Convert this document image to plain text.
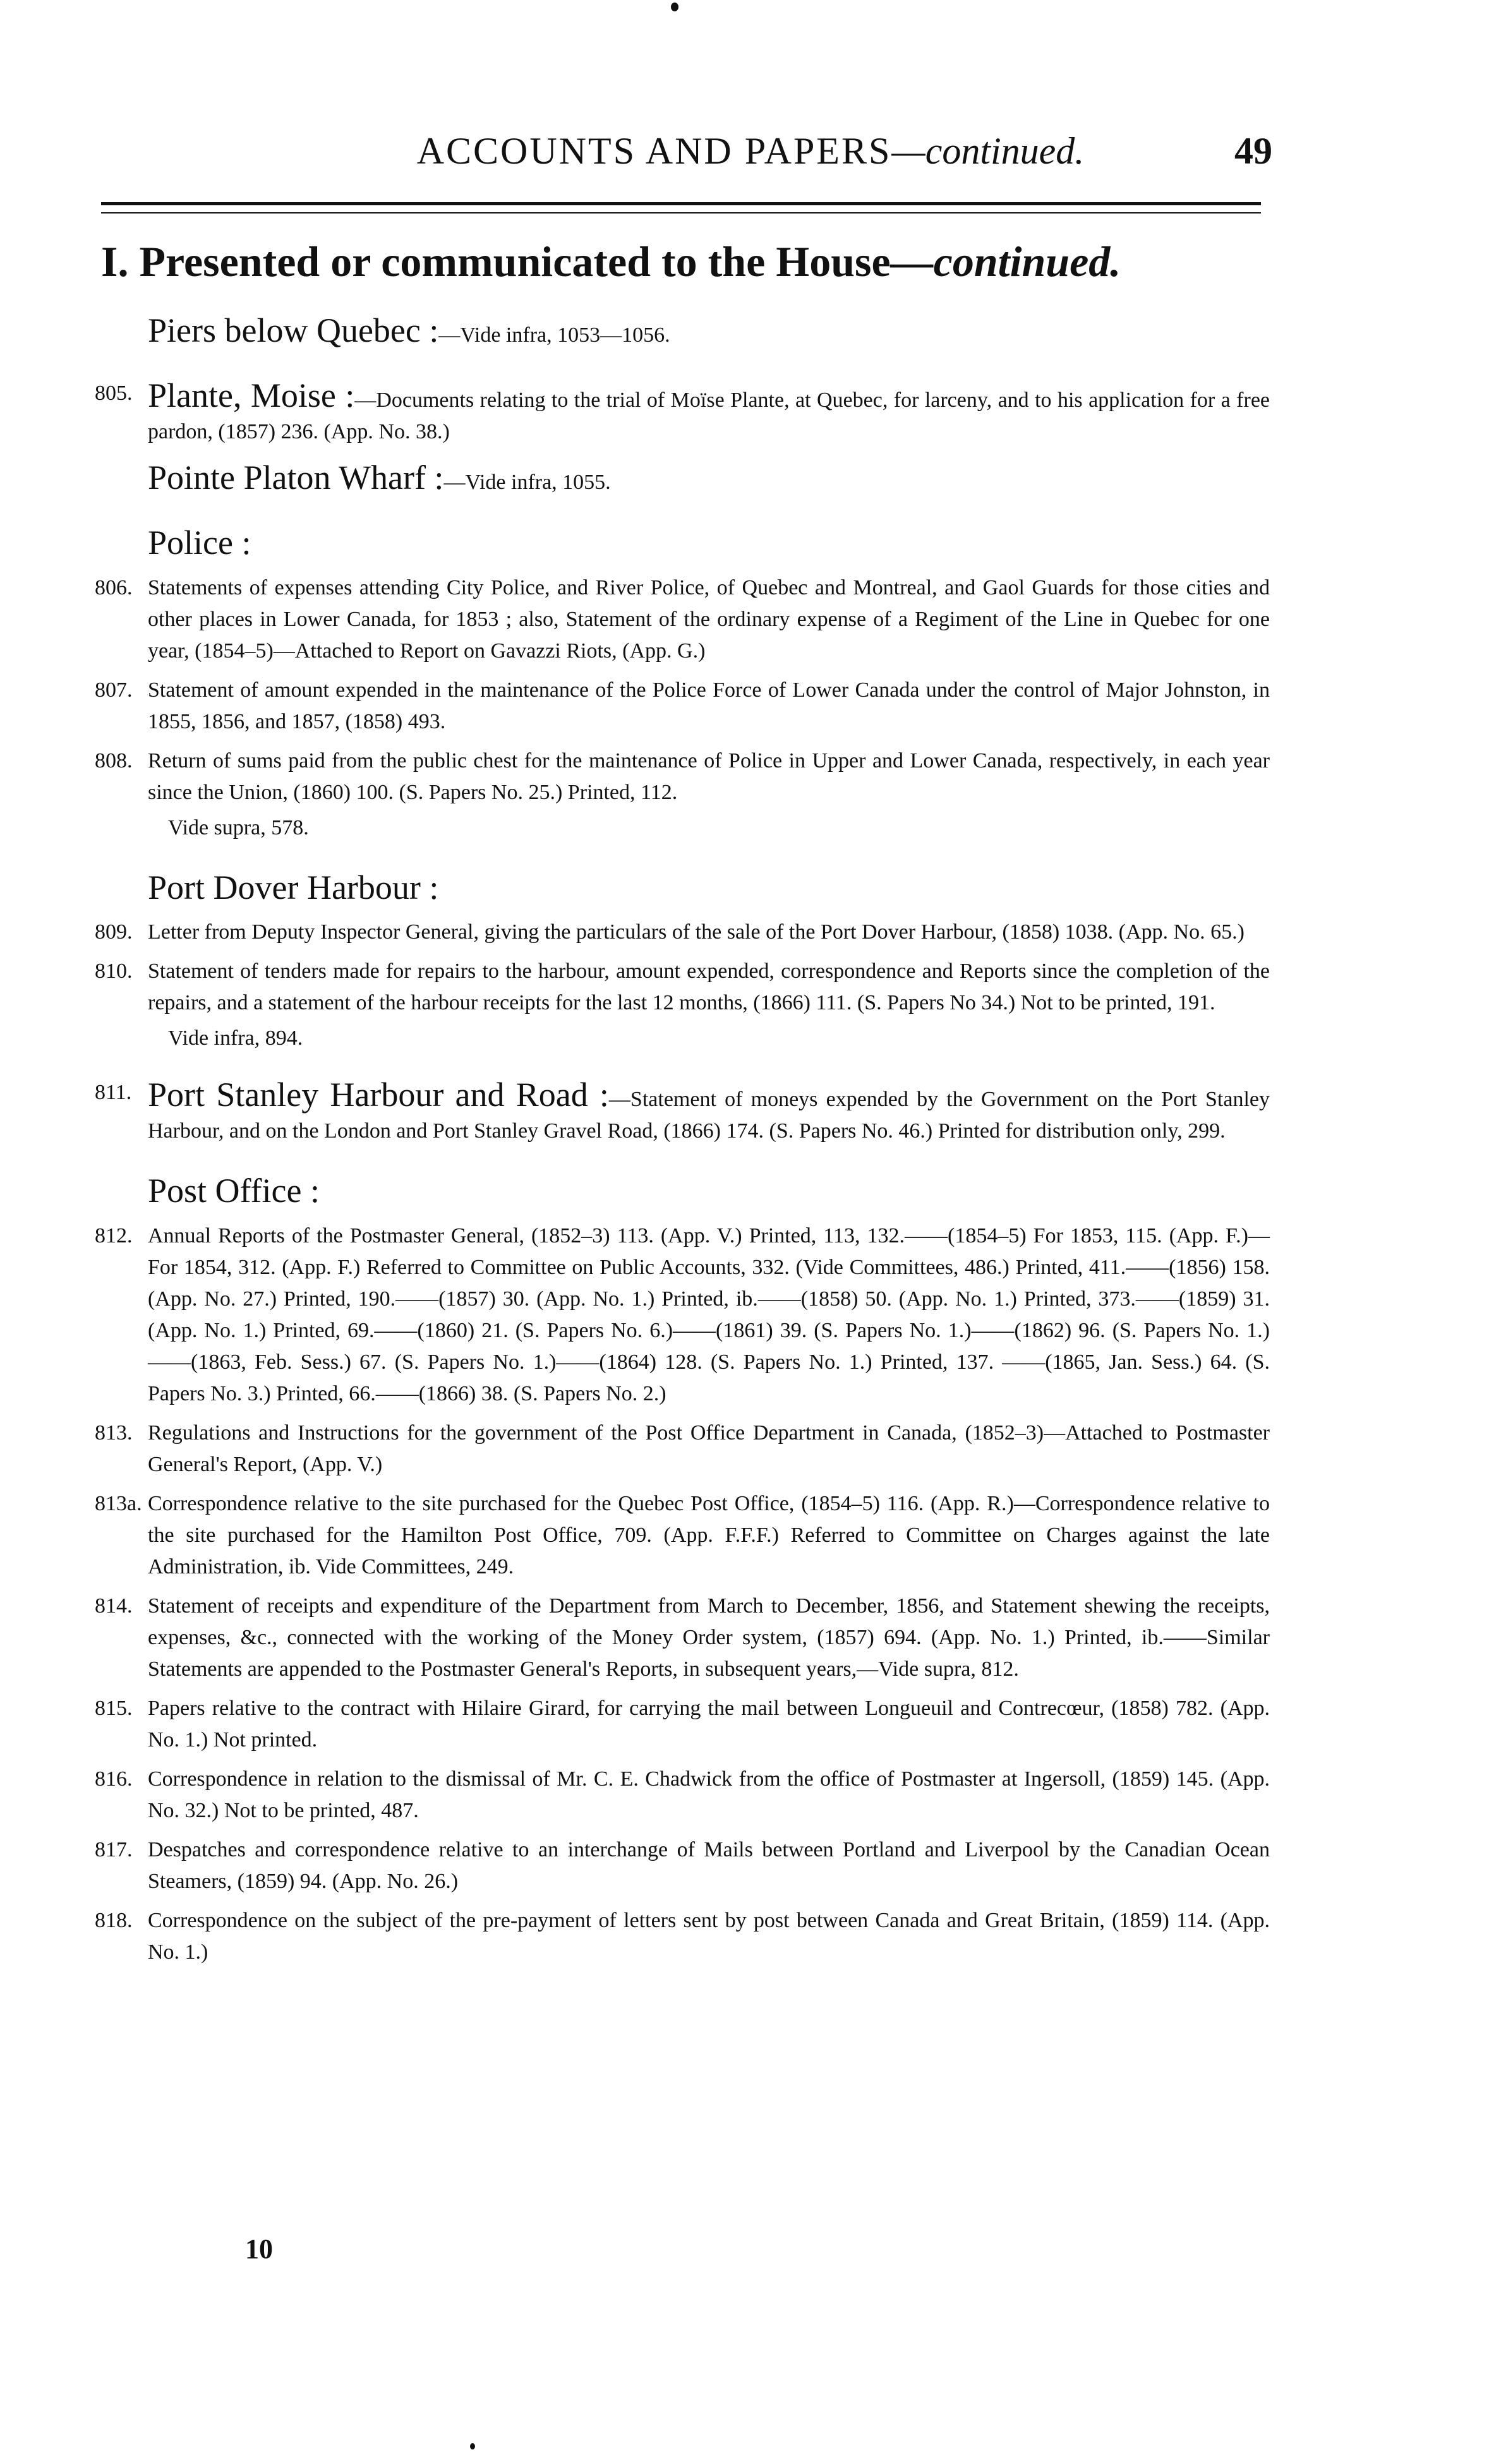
ACCOUNTS AND PAPERS—continued.	49
I. Presented or communicated to the House—continued.
Piers below Quebec :—Vide infra, 1053—1056.
805. Plante, Moise :—Documents relating to the trial of Moïse Plante, at Quebec, for larceny, and to his application for a free pardon, (1857) 236. (App. No. 38.)
Pointe Platon Wharf :—Vide infra, 1055.
Police :
806. Statements of expenses attending City Police, and River Police, of Quebec and Montreal, and Gaol Guards for those cities and other places in Lower Canada, for 1853 ; also, Statement of the ordinary expense of a Regiment of the Line in Quebec for one year, (1854–5)—Attached to Report on Gavazzi Riots, (App. G.)
807. Statement of amount expended in the maintenance of the Police Force of Lower Canada under the control of Major Johnston, in 1855, 1856, and 1857, (1858) 493.
808. Return of sums paid from the public chest for the maintenance of Police in Upper and Lower Canada, respectively, in each year since the Union, (1860) 100. (S. Papers No. 25.) Printed, 112.
Vide supra, 578.
Port Dover Harbour :
809. Letter from Deputy Inspector General, giving the particulars of the sale of the Port Dover Harbour, (1858) 1038. (App. No. 65.)
810. Statement of tenders made for repairs to the harbour, amount expended, correspondence and Reports since the completion of the repairs, and a statement of the harbour receipts for the last 12 months, (1866) 111. (S. Papers No 34.) Not to be printed, 191.
Vide infra, 894.
811. Port Stanley Harbour and Road :—Statement of moneys expended by the Government on the Port Stanley Harbour, and on the London and Port Stanley Gravel Road, (1866) 174. (S. Papers No. 46.) Printed for distribution only, 299.
Post Office :
812. Annual Reports of the Postmaster General, (1852–3) 113. (App. V.) Printed, 113, 132.——(1854–5) For 1853, 115. (App. F.)—For 1854, 312. (App. F.) Referred to Committee on Public Accounts, 332. (Vide Committees, 486.) Printed, 411.——(1856) 158. (App. No. 27.) Printed, 190.——(1857) 30. (App. No. 1.) Printed, ib.——(1858) 50. (App. No. 1.) Printed, 373.——(1859) 31. (App. No. 1.) Printed, 69.——(1860) 21. (S. Papers No. 6.)——(1861) 39. (S. Papers No. 1.)——(1862) 96. (S. Papers No. 1.)——(1863, Feb. Sess.) 67. (S. Papers No. 1.)——(1864) 128. (S. Papers No. 1.) Printed, 137. ——(1865, Jan. Sess.) 64. (S. Papers No. 3.) Printed, 66.——(1866) 38. (S. Papers No. 2.)
813. Regulations and Instructions for the government of the Post Office Department in Canada, (1852–3)—Attached to Postmaster General's Report, (App. V.)
813a. Correspondence relative to the site purchased for the Quebec Post Office, (1854–5) 116. (App. R.)—Correspondence relative to the site purchased for the Hamilton Post Office, 709. (App. F.F.F.) Referred to Committee on Charges against the late Administration, ib. Vide Committees, 249.
814. Statement of receipts and expenditure of the Department from March to December, 1856, and Statement shewing the receipts, expenses, &c., connected with the working of the Money Order system, (1857) 694. (App. No. 1.) Printed, ib.——Similar Statements are appended to the Postmaster General's Reports, in subsequent years,—Vide supra, 812.
815. Papers relative to the contract with Hilaire Girard, for carrying the mail between Longueuil and Contrecœur, (1858) 782. (App. No. 1.) Not printed.
816. Correspondence in relation to the dismissal of Mr. C. E. Chadwick from the office of Postmaster at Ingersoll, (1859) 145. (App. No. 32.) Not to be printed, 487.
817. Despatches and correspondence relative to an interchange of Mails between Portland and Liverpool by the Canadian Ocean Steamers, (1859) 94. (App. No. 26.)
818. Correspondence on the subject of the pre-payment of letters sent by post between Canada and Great Britain, (1859) 114. (App. No. 1.)
10
